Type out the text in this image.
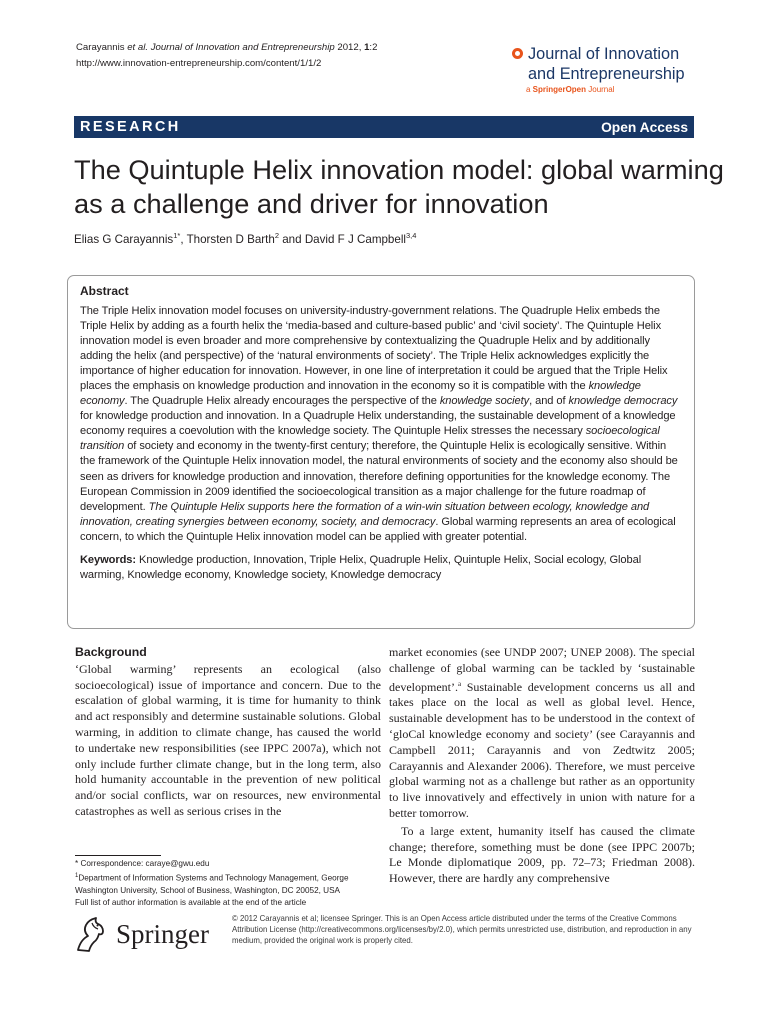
Carayannis et al. Journal of Innovation and Entrepreneurship 2012, 1:2
http://www.innovation-entrepreneurship.com/content/1/1/2
Journal of Innovation
and Entrepreneurship
a SpringerOpen Journal
RESEARCH	Open Access
The Quintuple Helix innovation model: global warming as a challenge and driver for innovation
Elias G Carayannis$^{1*}$, Thorsten D Barth$^2$ and David F J Campbell$^{3,4}$
Abstract

The Triple Helix innovation model focuses on university-industry-government relations. The Quadruple Helix embeds the Triple Helix by adding as a fourth helix the ‘media-based and culture-based public’ and ‘civil society’. The Quintuple Helix innovation model is even broader and more comprehensive by contextualizing the Quadruple Helix and by additionally adding the helix (and perspective) of the ‘natural environments of society’. The Triple Helix acknowledges explicitly the importance of higher education for innovation. However, in one line of interpretation it could be argued that the Triple Helix places the emphasis on knowledge production and innovation in the economy so it is compatible with the knowledge economy. The Quadruple Helix already encourages the perspective of the knowledge society, and of knowledge democracy for knowledge production and innovation. In a Quadruple Helix understanding, the sustainable development of a knowledge economy requires a coevolution with the knowledge society. The Quintuple Helix stresses the necessary socioecological transition of society and economy in the twenty-first century; therefore, the Quintuple Helix is ecologically sensitive. Within the framework of the Quintuple Helix innovation model, the natural environments of society and the economy also should be seen as drivers for knowledge production and innovation, therefore defining opportunities for the knowledge economy. The European Commission in 2009 identified the socioecological transition as a major challenge for the future roadmap of development. The Quintuple Helix supports here the formation of a win-win situation between ecology, knowledge and innovation, creating synergies between economy, society, and democracy. Global warming represents an area of ecological concern, to which the Quintuple Helix innovation model can be applied with greater potential.

Keywords: Knowledge production, Innovation, Triple Helix, Quadruple Helix, Quintuple Helix, Social ecology, Global warming, Knowledge economy, Knowledge society, Knowledge democracy

Background

‘Global warming’ represents an ecological (also socioecological) issue of importance and concern. Due to the escalation of global warming, it is time for humanity to think and act responsibly and determine sustainable solutions. Global warming, in addition to climate change, has caused the world to undertake new responsibilities (see IPPC 2007a), which not only include further climate change, but in the long term, also hold humanity accountable in the prevention of new political and/or social conflicts, war on resources, new environmental catastrophes as well as serious crises in the

market economies (see UNDP 2007; UNEP 2008). The special challenge of global warming can be tackled by ‘sustainable development’.$^a$ Sustainable development concerns us all and takes place on the local as well as global level. Hence, sustainable development has to be understood in the context of ‘gloCal knowledge economy and society’ (see Carayannis and Campbell 2011; Carayannis and von Zedtwitz 2005; Carayannis and Alexander 2006). Therefore, we must perceive global warming not as a challenge but rather as an opportunity to live innovatively and effectively in union with nature for a better tomorrow.

To a large extent, humanity itself has caused the climate change; therefore, something must be done (see IPPC 2007b; Le Monde diplomatique 2009, pp. 72–73; Friedman 2008). However, there are hardly any comprehensive

* Correspondence: caraye@gwu.edu

$^1$Department of Information Systems and Technology Management, George Washington University, School of Business, Washington, DC 20052, USA

Full list of author information is available at the end of the article

Springer	© 2012 Carayannis et al; licensee Springer. This is an Open Access article distributed under the terms of the Creative Commons Attribution License (http://creativecommons.org/licenses/by/2.0), which permits unrestricted use, distribution, and reproduction in any medium, provided the original work is properly cited.
